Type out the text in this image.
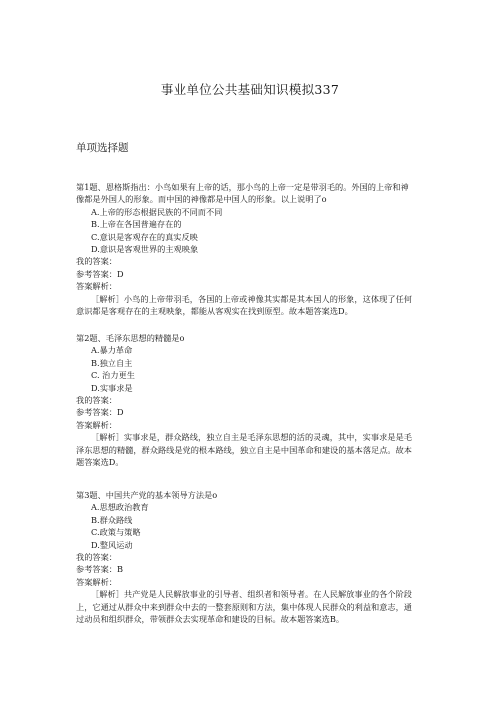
事业单位公共基础知识模拟337
单项选择题

第1题、恩格斯指出：小鸟如果有上帝的话，那小鸟的上帝一定是带羽毛的。外国的上帝和神像都是外国人的形象。而中国的神像都是中国人的形象。以上说明了o

A.上帝的形态根据民族的不同而不同

B.上帝在各国普遍存在的

C.意识是客观存在的真实反映

D.意识是客观世界的主观映象

我的答案：

参考答案：D

答案解析：

［解析］小鸟的上帝带羽毛，各国的上帝或神像其实都是其本国人的形象，这体现了任何意识都是客观存在的主观映象，都能从客观实在找到原型。故本题答案选D。

第2题、毛泽东思想的精髓是o

A.暴力革命

B.独立自主

C. 治力更生

D.实事求是

我的答案：

参考答案：D

答案解析：

［解析］实事求是，群众路线，独立自主是毛泽东思想的活的灵魂，其中，实事求是是毛泽东思想的精髓，群众路线是党的根本路线，独立自主是中国革命和建设的基本落足点。故本题答案选D。

第3题、中国共产党的基本领导方法是o

A.思想政治教育

B.群众路线

C.政策与策略

D.整风运动

我的答案：

参考答案：B

答案解析：

［解析］共产党是人民解放事业的引导者、组织者和领导者。在人民解放事业的各个阶段上，它通过从群众中来到群众中去的一整套原则和方法，集中体现人民群众的利益和意志，通过动员和组织群众，带领群众去实现革命和建设的目标。故本题答案选B。
